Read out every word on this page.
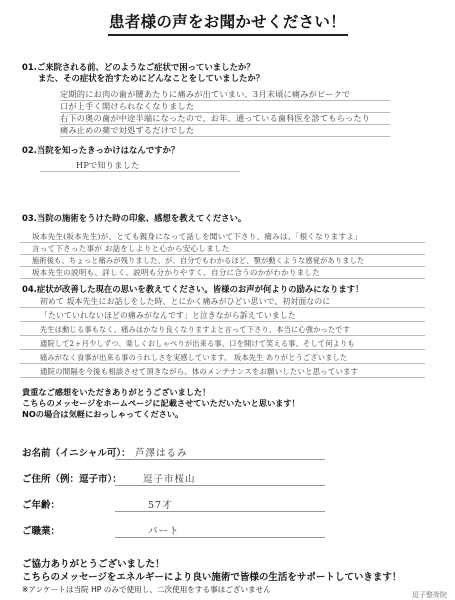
患者様の声をお聞かせください！
01.ご来院される前、どのようなご症状で困っていましたか？
また、その症状を治すためにどんなことをしていましたか？
定期的にお肉の歯が腰あたりに痛みが出ていまい、3月末頃に痛みがピークで
口が上手く開けられなくなりました
右下の奥の歯が中途半端になったので、お年、通っている歯科医を診てもらったり
痛み止めの薬で対処するだけでした
02.当院を知ったきっかけはなんですか？
HPで知りました
03.当院の施術をうけた時の印象、感想を教えてください。
坂本先生(坂本先生)が、とても親身になって話しを聞いて下さり、痛みは、「根くなりますよ」
言って下さった事が お話をしよりと心から安心しました
施術後も、ちょっと痛みが残りました、が、自分でもわかるほど、顎が動くような感覚がありました
坂本先生の説明も、詳しく、説明も分かりやすく、自分に合うのかがわかりました
04.症状が改善した現在の思いを教えてください。皆様のお声が何よりの励みになります！
初めて 坂本先生にお話しをした時、とにかく痛みがひどい思いで、初対面なのに
「たいていれないほどの痛みがなんです」と泣きながら訴えていました
先生は動じる事もなく、痛みはかなり良くなりますよと言って下さり、本当に心強かったです
通院して2ヶ月少しずつ、楽しくおしゃべりが出来る事、口を開けて笑える事、そして何よりも
痛みがなく食事が出来る事のうれしさを実感しています。 坂本先生 ありがとうございました
通院の間隔を今後も相談させて頂きながら、体のメンテナンスをお願いしたいと思っています
貴重なご感想をいただきありがとうございました！
こちらのメッセージをホームページに記載させていただいたいと思います！
NOの場合は気軽におっしゃってください。
お名前（イニシャル可）： 芦澤はるみ
ご住所（例：逗子市）： 逗子市桜山
ご年齢：	57才
ご職業：	パート
ご協力ありがとうございました！
こちらのメッセージをエネルギーにより良い施術で皆様の生活をサポートしていきます！
※アンケートは当院 HP のみで使用し、二次使用をする事はございません
逗子整骨院
